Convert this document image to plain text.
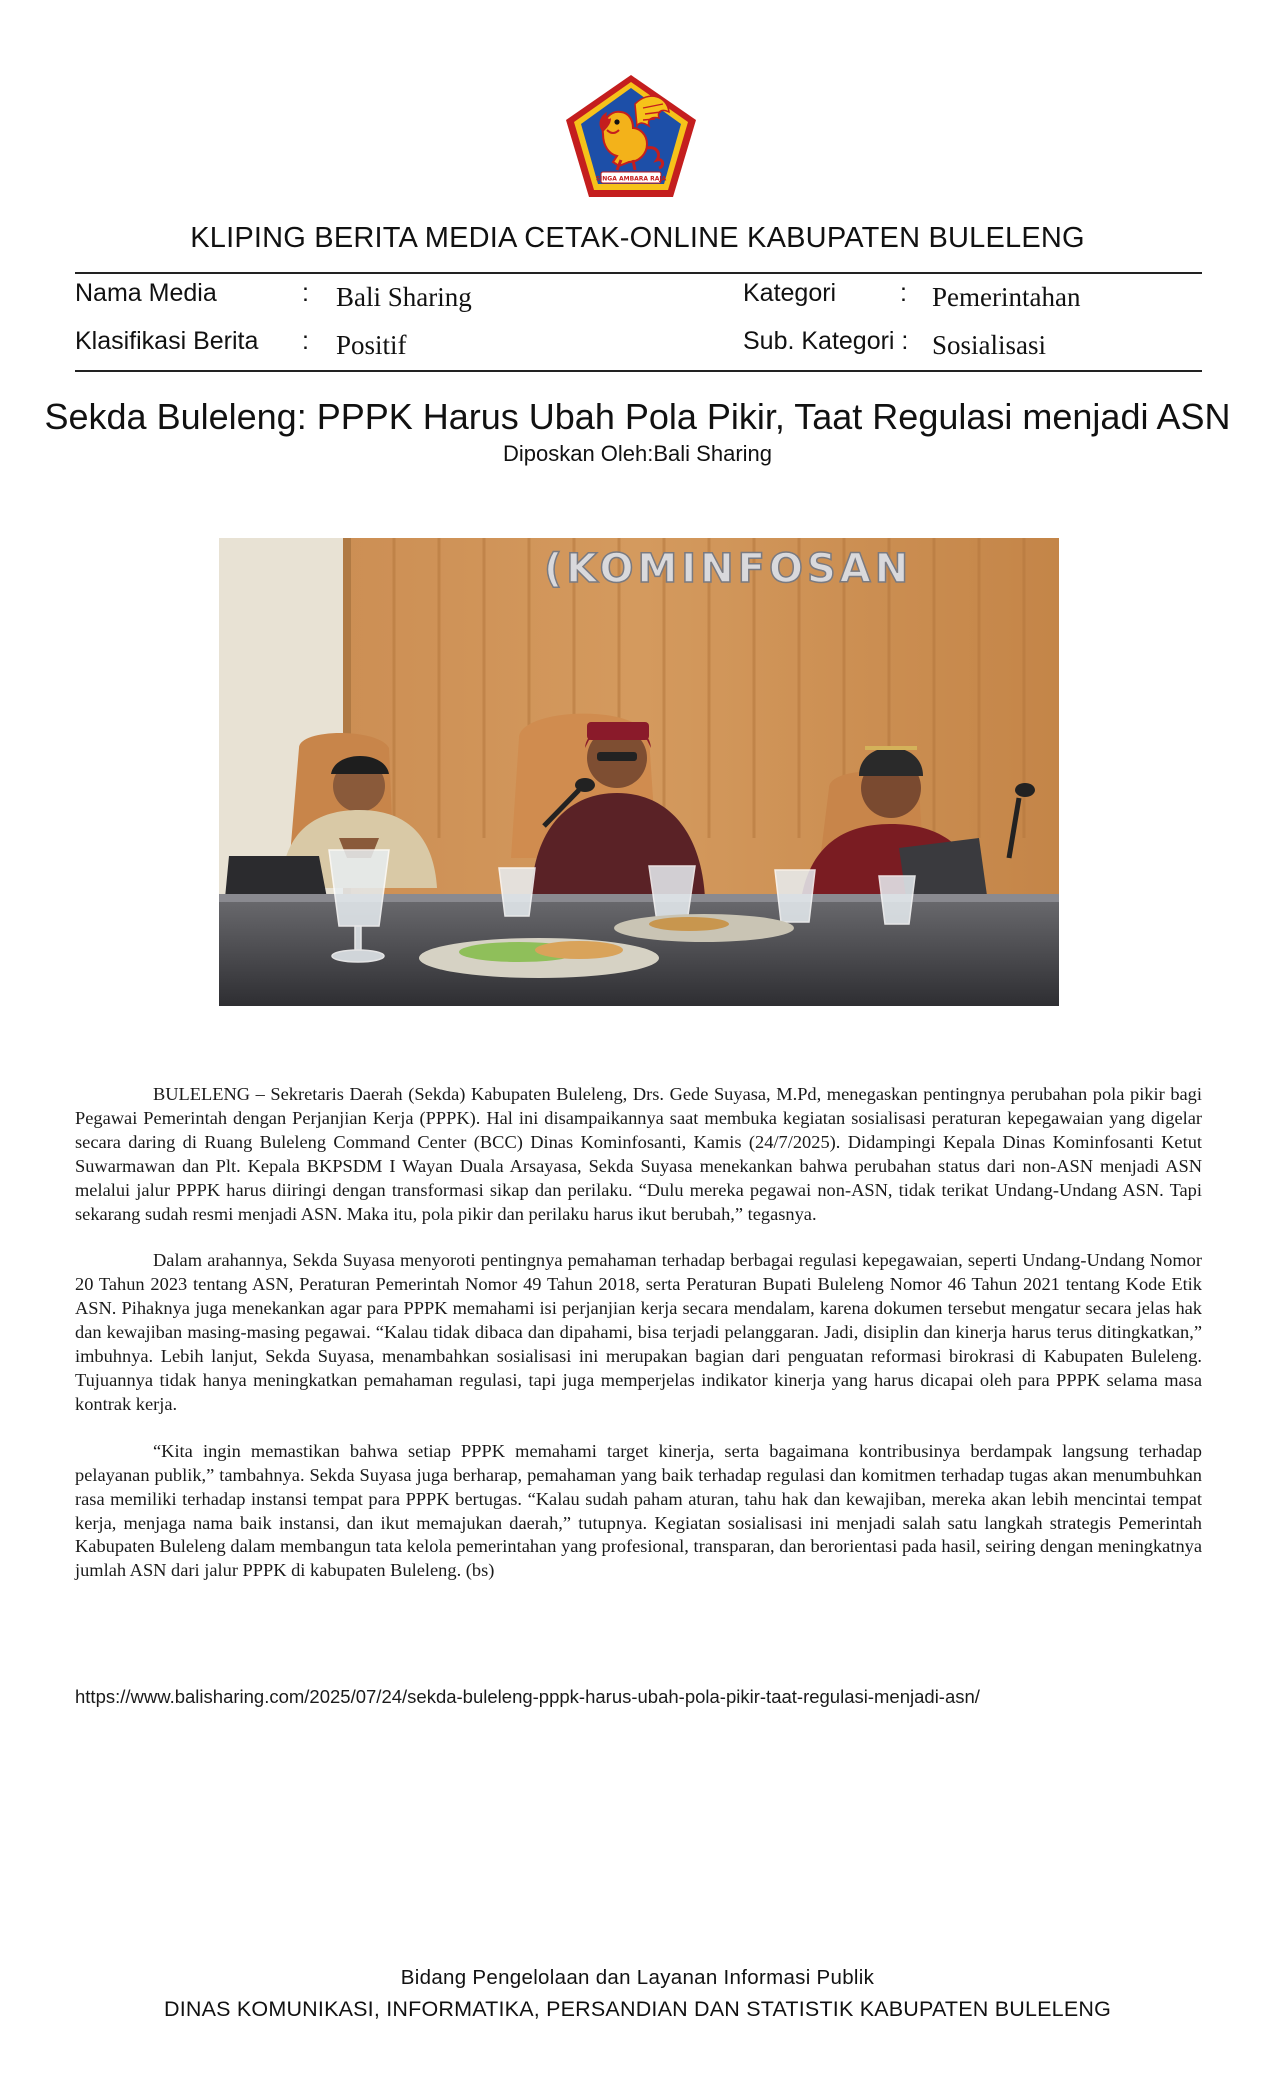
SINGA AMBARA RAJA
KLIPING BERITA MEDIA CETAK-ONLINE KABUPATEN BULELENG
Nama Media	: Bali Sharing	Kategori	: Pemerintahan
Klasifikasi Berita : Positif	Sub. Kategori : Sosialisasi
Sekda Buleleng: PPPK Harus Ubah Pola Pikir, Taat Regulasi menjadi ASN
Diposkan Oleh:Bali Sharing
(KOMINFOSAN

BULELENG – Sekretaris Daerah (Sekda) Kabupaten Buleleng, Drs. Gede Suyasa, M.Pd, menegaskan pentingnya perubahan pola pikir bagi Pegawai Pemerintah dengan Perjanjian Kerja (PPPK). Hal ini disampaikannya saat membuka kegiatan sosialisasi peraturan kepegawaian yang digelar secara daring di Ruang Buleleng Command Center (BCC) Dinas Kominfosanti, Kamis (24/7/2025). Didampingi Kepala Dinas Kominfosanti Ketut Suwarmawan dan Plt. Kepala BKPSDM I Wayan Duala Arsayasa, Sekda Suyasa menekankan bahwa perubahan status dari non-ASN menjadi ASN melalui jalur PPPK harus diiringi dengan transformasi sikap dan perilaku. “Dulu mereka pegawai non-ASN, tidak terikat Undang-Undang ASN. Tapi sekarang sudah resmi menjadi ASN. Maka itu, pola pikir dan perilaku harus ikut berubah,” tegasnya.

Dalam arahannya, Sekda Suyasa menyoroti pentingnya pemahaman terhadap berbagai regulasi kepegawaian, seperti Undang-Undang Nomor 20 Tahun 2023 tentang ASN, Peraturan Pemerintah Nomor 49 Tahun 2018, serta Peraturan Bupati Buleleng Nomor 46 Tahun 2021 tentang Kode Etik ASN. Pihaknya juga menekankan agar para PPPK memahami isi perjanjian kerja secara mendalam, karena dokumen tersebut mengatur secara jelas hak dan kewajiban masing-masing pegawai. “Kalau tidak dibaca dan dipahami, bisa terjadi pelanggaran. Jadi, disiplin dan kinerja harus terus ditingkatkan,” imbuhnya. Lebih lanjut, Sekda Suyasa, menambahkan sosialisasi ini merupakan bagian dari penguatan reformasi birokrasi di Kabupaten Buleleng. Tujuannya tidak hanya meningkatkan pemahaman regulasi, tapi juga memperjelas indikator kinerja yang harus dicapai oleh para PPPK selama masa kontrak kerja.

“Kita ingin memastikan bahwa setiap PPPK memahami target kinerja, serta bagaimana kontribusinya berdampak langsung terhadap pelayanan publik,” tambahnya. Sekda Suyasa juga berharap, pemahaman yang baik terhadap regulasi dan komitmen terhadap tugas akan menumbuhkan rasa memiliki terhadap instansi tempat para PPPK bertugas. “Kalau sudah paham aturan, tahu hak dan kewajiban, mereka akan lebih mencintai tempat kerja, menjaga nama baik instansi, dan ikut memajukan daerah,” tutupnya. Kegiatan sosialisasi ini menjadi salah satu langkah strategis Pemerintah Kabupaten Buleleng dalam membangun tata kelola pemerintahan yang profesional, transparan, dan berorientasi pada hasil, seiring dengan meningkatnya jumlah ASN dari jalur PPPK di kabupaten Buleleng. (bs)

https://www.balisharing.com/2025/07/24/sekda-buleleng-pppk-harus-ubah-pola-pikir-taat-regulasi-menjadi-asn/
Bidang Pengelolaan dan Layanan Informasi Publik
DINAS KOMUNIKASI, INFORMATIKA, PERSANDIAN DAN STATISTIK KABUPATEN BULELENG
